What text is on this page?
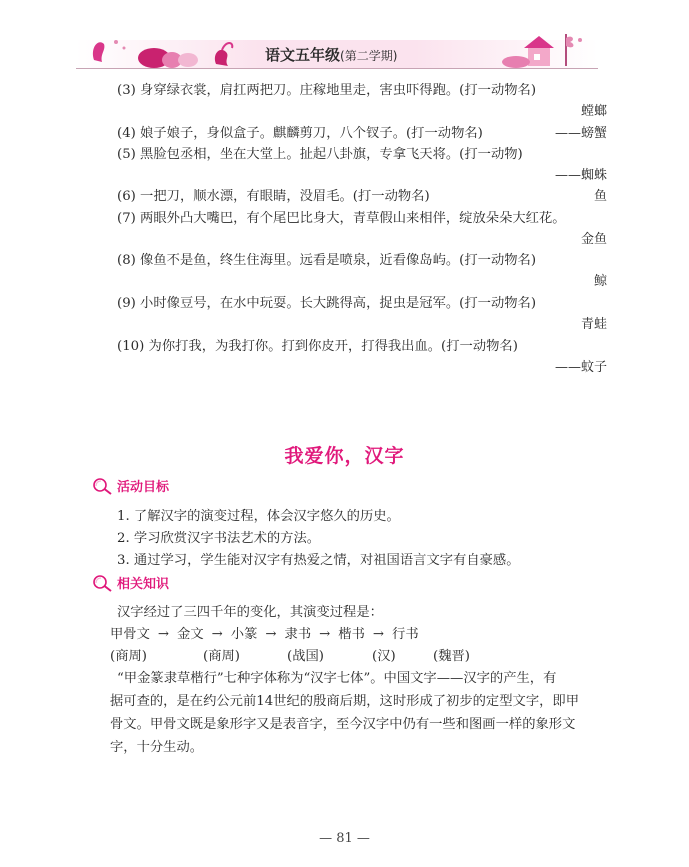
语文五年级(第二学期)
(3) 身穿绿衣裳，肩扛两把刀。庄稼地里走，害虫吓得跑。(打一动物名)
螳螂
(4) 娘子娘子，身似盒子。麒麟剪刀，八个钗子。(打一动物名)	——螃蟹
(5) 黑脸包丞相，坐在大堂上。扯起八卦旗，专拿飞天将。(打一动物)
——蜘蛛
(6) 一把刀，顺水漂，有眼睛，没眉毛。(打一动物名)	鱼
(7) 两眼外凸大嘴巴，有个尾巴比身大，青草假山来相伴，绽放朵朵大红花。
金鱼
(8) 像鱼不是鱼，终生住海里。远看是喷泉，近看像岛屿。(打一动物名)
鲸
(9) 小时像豆号，在水中玩耍。长大跳得高，捉虫是冠军。(打一动物名)
青蛙
(10) 为你打我，为我打你。打到你皮开，打得我出血。(打一动物名)
——蚊子
我爱你，汉字
活动目标
1. 了解汉字的演变过程，体会汉字悠久的历史。
2. 学习欣赏汉字书法艺术的方法。
3. 通过学习，学生能对汉字有热爱之情，对祖国语言文字有自豪感。
相关知识
汉字经过了三四千年的变化，其演变过程是：
甲骨文 → 金文 → 小篆 → 隶书 → 楷书 → 行书
(商周)	(商周)	(战国)	(汉)	(魏晋)
“甲金篆隶草楷行”七种字体称为“汉字七体”。中国文字——汉字的产生，有
据可查的，是在约公元前14世纪的殷商后期，这时形成了初步的定型文字，即甲
骨文。甲骨文既是象形字又是表音字，至今汉字中仍有一些和图画一样的象形文
字，十分生动。
— 81 —
